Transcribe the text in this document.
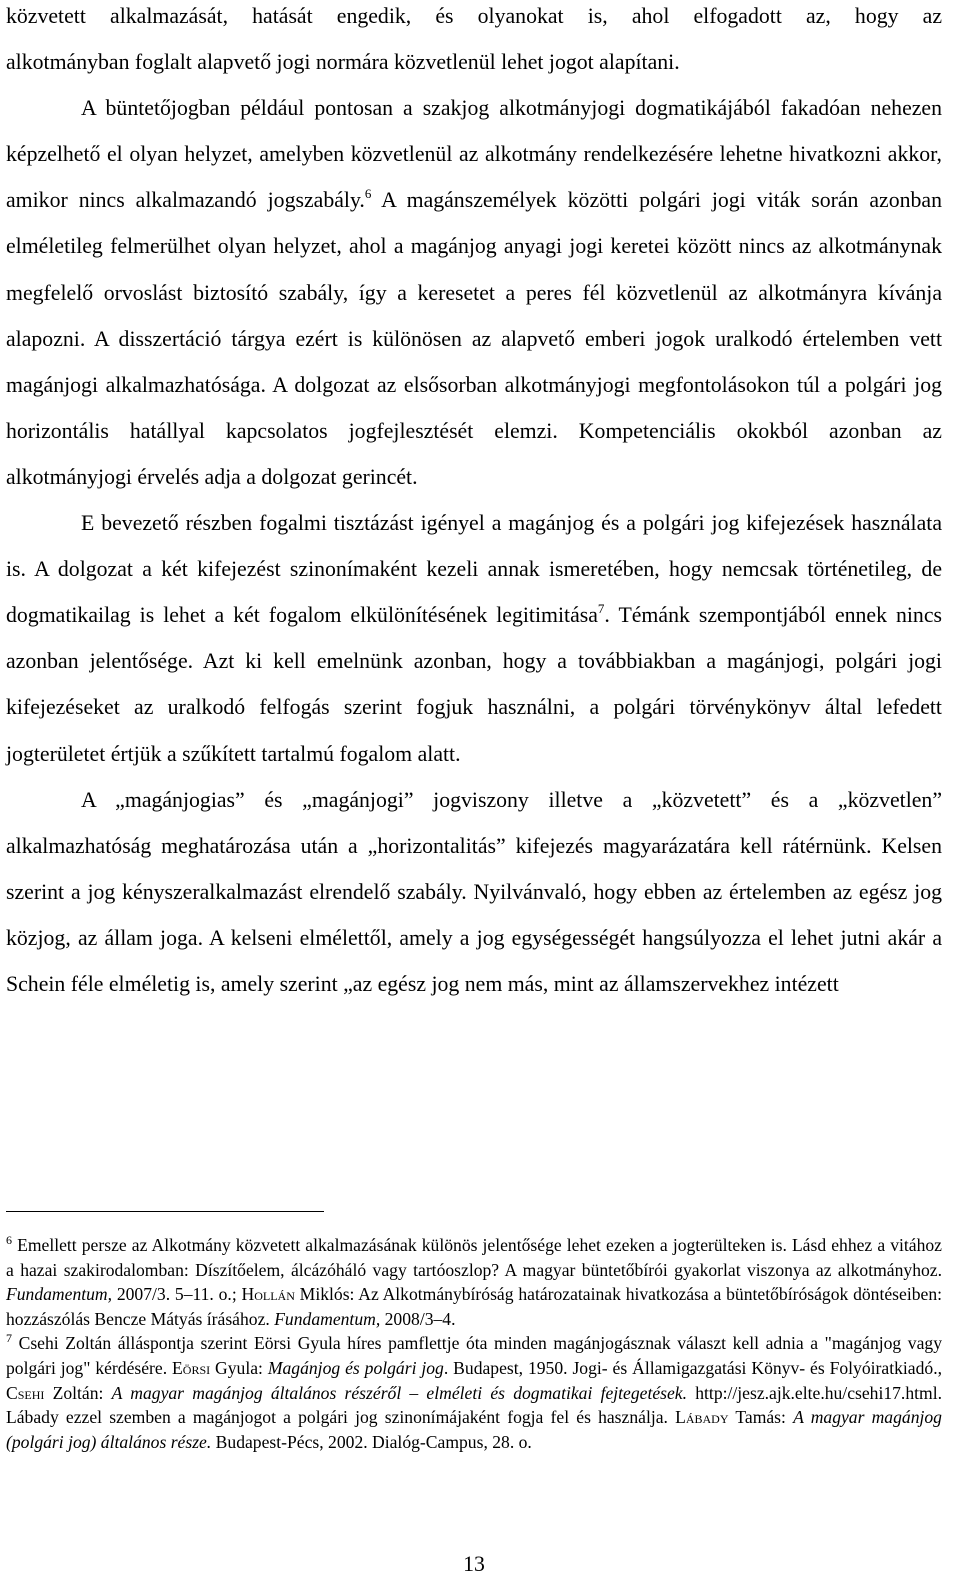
közvetett alkalmazását, hatását engedik, és olyanokat is, ahol elfogadott az, hogy az
alkotmányban foglalt alapvető jogi normára közvetlenül lehet jogot alapítani.

A büntetőjogban például pontosan a szakjog alkotmányjogi dogmatikájából fakadóan nehezen képzelhető el olyan helyzet, amelyben közvetlenül az alkotmány rendelkezésére lehetne hivatkozni akkor, amikor nincs alkalmazandó jogszabály.$^6$ A magánszemélyek közötti polgári jogi viták során azonban elméletileg felmerülhet olyan helyzet, ahol a magánjog anyagi jogi keretei között nincs az alkotmánynak megfelelő orvoslást biztosító szabály, így a keresetet a peres fél közvetlenül az alkotmányra kívánja alapozni. A disszertáció tárgya ezért is különösen az alapvető emberi jogok uralkodó értelemben vett magánjogi alkalmazhatósága. A dolgozat az elsősorban alkotmányjogi megfontolásokon túl a polgári jog horizontális hatállyal kapcsolatos jogfejlesztését elemzi. Kompetenciális okokból azonban az alkotmányjogi érvelés adja a dolgozat gerincét.

E bevezető részben fogalmi tisztázást igényel a magánjog és a polgári jog kifejezések használata is. A dolgozat a két kifejezést szinonímaként kezeli annak ismeretében, hogy nemcsak történetileg, de dogmatikailag is lehet a két fogalom elkülönítésének legitimitása$^7$. Témánk szempontjából ennek nincs azonban jelentősége. Azt ki kell emelnünk azonban, hogy a továbbiakban a magánjogi, polgári jogi kifejezéseket az uralkodó felfogás szerint fogjuk használni, a polgári törvénykönyv által lefedett jogterületet értjük a szűkített tartalmú fogalom alatt.

A „magánjogias” és „magánjogi” jogviszony illetve a „közvetett” és a „közvetlen” alkalmazhatóság meghatározása után a „horizontalitás” kifejezés magyarázatára kell rátérnünk. Kelsen szerint a jog kényszeralkalmazást elrendelő szabály. Nyilvánvaló, hogy ebben az értelemben az egész jog közjog, az állam joga. A kelseni elmélettől, amely a jog egységességét hangsúlyozza el lehet jutni akár a Schein féle elméletig is, amely szerint „az egész jog nem más, mint az államszervekhez intézett

$^6$ Emellett persze az Alkotmány közvetett alkalmazásának különös jelentősége lehet ezeken a jogterülteken is. Lásd ehhez a vitához a hazai szakirodalomban: Díszítőelem, álcázóháló vagy tartóoszlop? A magyar büntetőbírói gyakorlat viszonya az alkotmányhoz. Fundamentum, 2007/3. 5–11. o.; Hollán Miklós: Az Alkotmánybíróság határozatainak hivatkozása a büntetőbíróságok döntéseiben: hozzászólás Bencze Mátyás írásához. Fundamentum, 2008/3–4.

$^7$ Csehi Zoltán álláspontja szerint Eörsi Gyula híres pamflettje óta minden magánjogásznak választ kell adnia a "magánjog vagy polgári jog" kérdésére. Eörsi Gyula: Magánjog és polgári jog. Budapest, 1950. Jogi- és Államigazgatási Könyv- és Folyóiratkiadó., Csehi Zoltán: A magyar magánjog általános részéről – elméleti és dogmatikai fejtegetések. http://jesz.ajk.elte.hu/csehi17.html. Lábady ezzel szemben a magánjogot a polgári jog szinonímájaként fogja fel és használja. Lábady Tamás: A magyar magánjog (polgári jog) általános része. Budapest-Pécs, 2002. Dialóg-Campus, 28. o.

13
